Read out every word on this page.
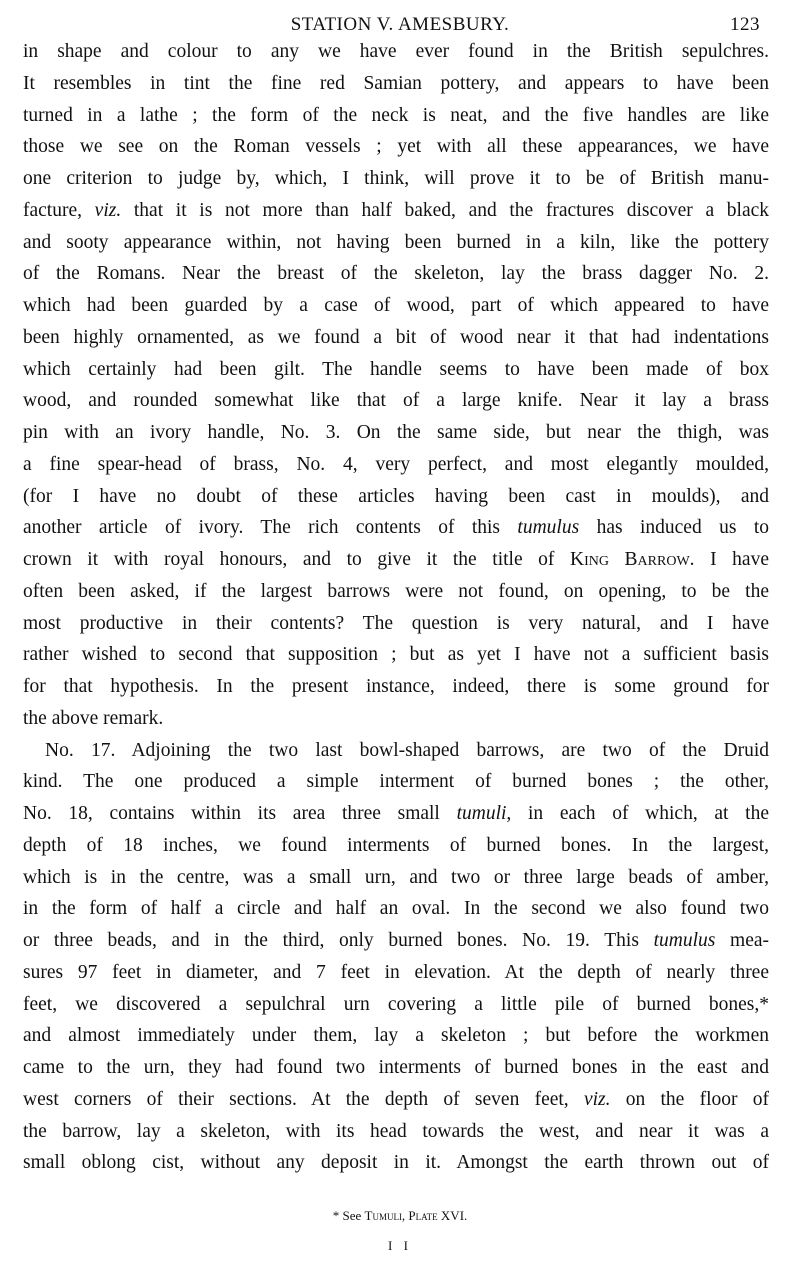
STATION V. AMESBURY.	123
in shape and colour to any we have ever found in the British sepulchres.
It resembles in tint the fine red Samian pottery, and appears to have been
turned in a lathe ; the form of the neck is neat, and the five handles are like
those we see on the Roman vessels ; yet with all these appearances, we have
one criterion to judge by, which, I think, will prove it to be of British manu-
facture, viz. that it is not more than half baked, and the fractures discover a black
and sooty appearance within, not having been burned in a kiln, like the pottery
of the Romans. Near the breast of the skeleton, lay the brass dagger No. 2.
which had been guarded by a case of wood, part of which appeared to have
been highly ornamented, as we found a bit of wood near it that had indentations
which certainly had been gilt. The handle seems to have been made of box
wood, and rounded somewhat like that of a large knife. Near it lay a brass
pin with an ivory handle, No. 3. On the same side, but near the thigh, was
a fine spear-head of brass, No. 4, very perfect, and most elegantly moulded,
(for I have no doubt of these articles having been cast in moulds), and
another article of ivory. The rich contents of this tumulus has induced us to
crown it with royal honours, and to give it the title of King Barrow. I have
often been asked, if the largest barrows were not found, on opening, to be the
most productive in their contents? The question is very natural, and I have
rather wished to second that supposition ; but as yet I have not a sufficient basis
for that hypothesis. In the present instance, indeed, there is some ground for
the above remark.
No. 17. Adjoining the two last bowl-shaped barrows, are two of the Druid
kind. The one produced a simple interment of burned bones ; the other,
No. 18, contains within its area three small tumuli, in each of which, at the
depth of 18 inches, we found interments of burned bones. In the largest,
which is in the centre, was a small urn, and two or three large beads of amber,
in the form of half a circle and half an oval. In the second we also found two
or three beads, and in the third, only burned bones. No. 19. This tumulus mea-
sures 97 feet in diameter, and 7 feet in elevation. At the depth of nearly three
feet, we discovered a sepulchral urn covering a little pile of burned bones,*
and almost immediately under them, lay a skeleton ; but before the workmen
came to the urn, they had found two interments of burned bones in the east and
west corners of their sections. At the depth of seven feet, viz. on the floor of
the barrow, lay a skeleton, with its head towards the west, and near it was a
small oblong cist, without any deposit in it. Amongst the earth thrown out of
* See Tumuli, Plate XVI.
I I
